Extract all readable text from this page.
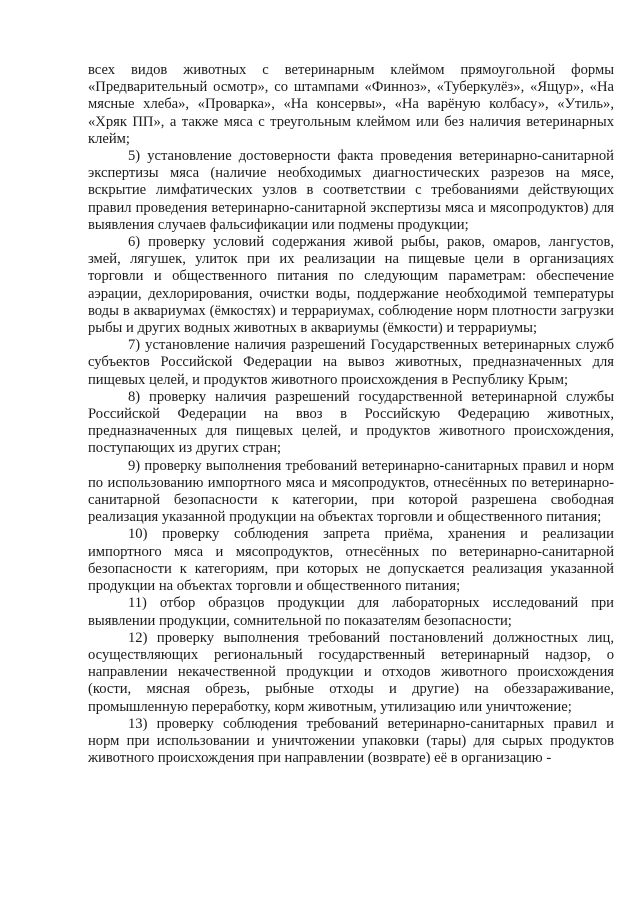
всех видов животных с ветеринарным клеймом прямоугольной формы «Предварительный осмотр», со штампами «Финноз», «Туберкулёз», «Ящур», «На мясные хлеба», «Проварка», «На консервы», «На варёную колбасу», «Утиль», «Хряк ПП», а также мяса с треугольным клеймом или без наличия ветеринарных клейм;

5) установление достоверности факта проведения ветеринарно-санитарной экспертизы мяса (наличие необходимых диагностических разрезов на мясе, вскрытие лимфатических узлов в соответствии с требованиями действующих правил проведения ветеринарно-санитарной экспертизы мяса и мясопродуктов) для выявления случаев фальсификации или подмены продукции;

6) проверку условий содержания живой рыбы, раков, омаров, лангустов, змей, лягушек, улиток при их реализации на пищевые цели в организациях торговли и общественного питания по следующим параметрам: обеспечение аэрации, дехлорирования, очистки воды, поддержание необходимой температуры воды в аквариумах (ёмкостях) и террариумах, соблюдение норм плотности загрузки рыбы и других водных животных в аквариумы (ёмкости) и террариумы;

7) установление наличия разрешений Государственных ветеринарных служб субъектов Российской Федерации на вывоз животных, предназначенных для пищевых целей, и продуктов животного происхождения в Республику Крым;

8) проверку наличия разрешений государственной ветеринарной службы Российской Федерации на ввоз в Российскую Федерацию животных, предназначенных для пищевых целей, и продуктов животного происхождения, поступающих из других стран;

9) проверку выполнения требований ветеринарно-санитарных правил и норм по использованию импортного мяса и мясопродуктов, отнесённых по ветеринарно-санитарной безопасности к категории, при которой разрешена свободная реализация указанной продукции на объектах торговли и общественного питания;

10) проверку соблюдения запрета приёма, хранения и реализации импортного мяса и мясопродуктов, отнесённых по ветеринарно-санитарной безопасности к категориям, при которых не допускается реализация указанной продукции на объектах торговли и общественного питания;

11) отбор образцов продукции для лабораторных исследований при выявлении продукции, сомнительной по показателям безопасности;

12) проверку выполнения требований постановлений должностных лиц, осуществляющих региональный государственный ветеринарный надзор, о направлении некачественной продукции и отходов животного происхождения (кости, мясная обрезь, рыбные отходы и другие) на обеззараживание, промышленную переработку, корм животным, утилизацию или уничтожение;

13) проверку соблюдения требований ветеринарно-санитарных правил и норм при использовании и уничтожении упаковки (тары) для сырых продуктов животного происхождения при направлении (возврате) её в организацию -
